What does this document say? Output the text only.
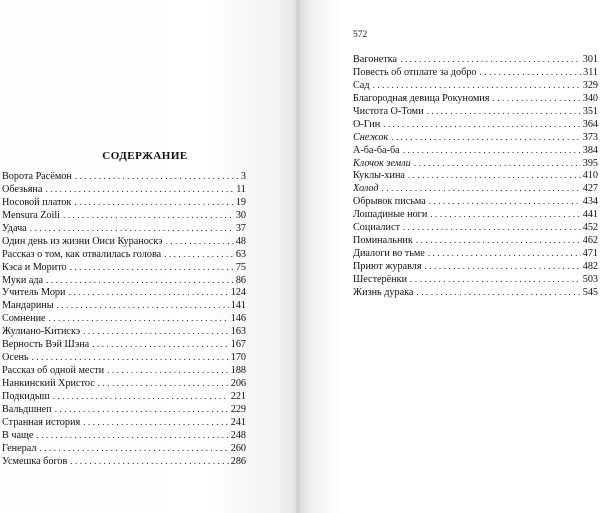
СОДЕРЖАНИЕ
Ворота Расёмон . . .	3
Обезьяна . . .	11
Носовой платок . . .	19
Mensura Zoili . . .	30
Удача . . .	37
Один день из жизни Оиси Куранoскэ . . .	48
Рассказ о том, как отвалилась голова . . .	63
Кэса и Морито . . .	75
Муки ада . . .	86
Учитель Мори . . .	124
Мандарины . . .	141
Сомнение . . .	146
Жулиано-Китискэ . . .	163
Верность Вэй Шэна . . .	167
Осень . . .	170
Рассказ об одной мести . . .	188
Нанкинский Христос . . .	206
Подкидыш . . .	221
Вальдшнеп . . .	229
Странная история . . .	241
В чаще . . .	248
Генерал . . .	260
Усмешка богов . . .	286
572
Вагонетка . . .	301
Повесть об отплате за добро . . .	311
Сад . . .	329
Благородная девица Рокуномия . . .	340
Чистота О-Томи . . .	351
О-Гин . . .	364
Снежок . . .	373
А-ба-ба-ба . . .	384
Клочок земли . . .	395
Куклы-хина . . .	410
Холод . . .	427
Обрывок письма . . .	434
Лошадиные ноги . . .	441
Социалист . . .	452
Поминальник . . .	462
Диалоги во тьме . . .	471
Приют журавля . . .	482
Шестерёнки . . .	503
Жизнь дурака . . .	545
